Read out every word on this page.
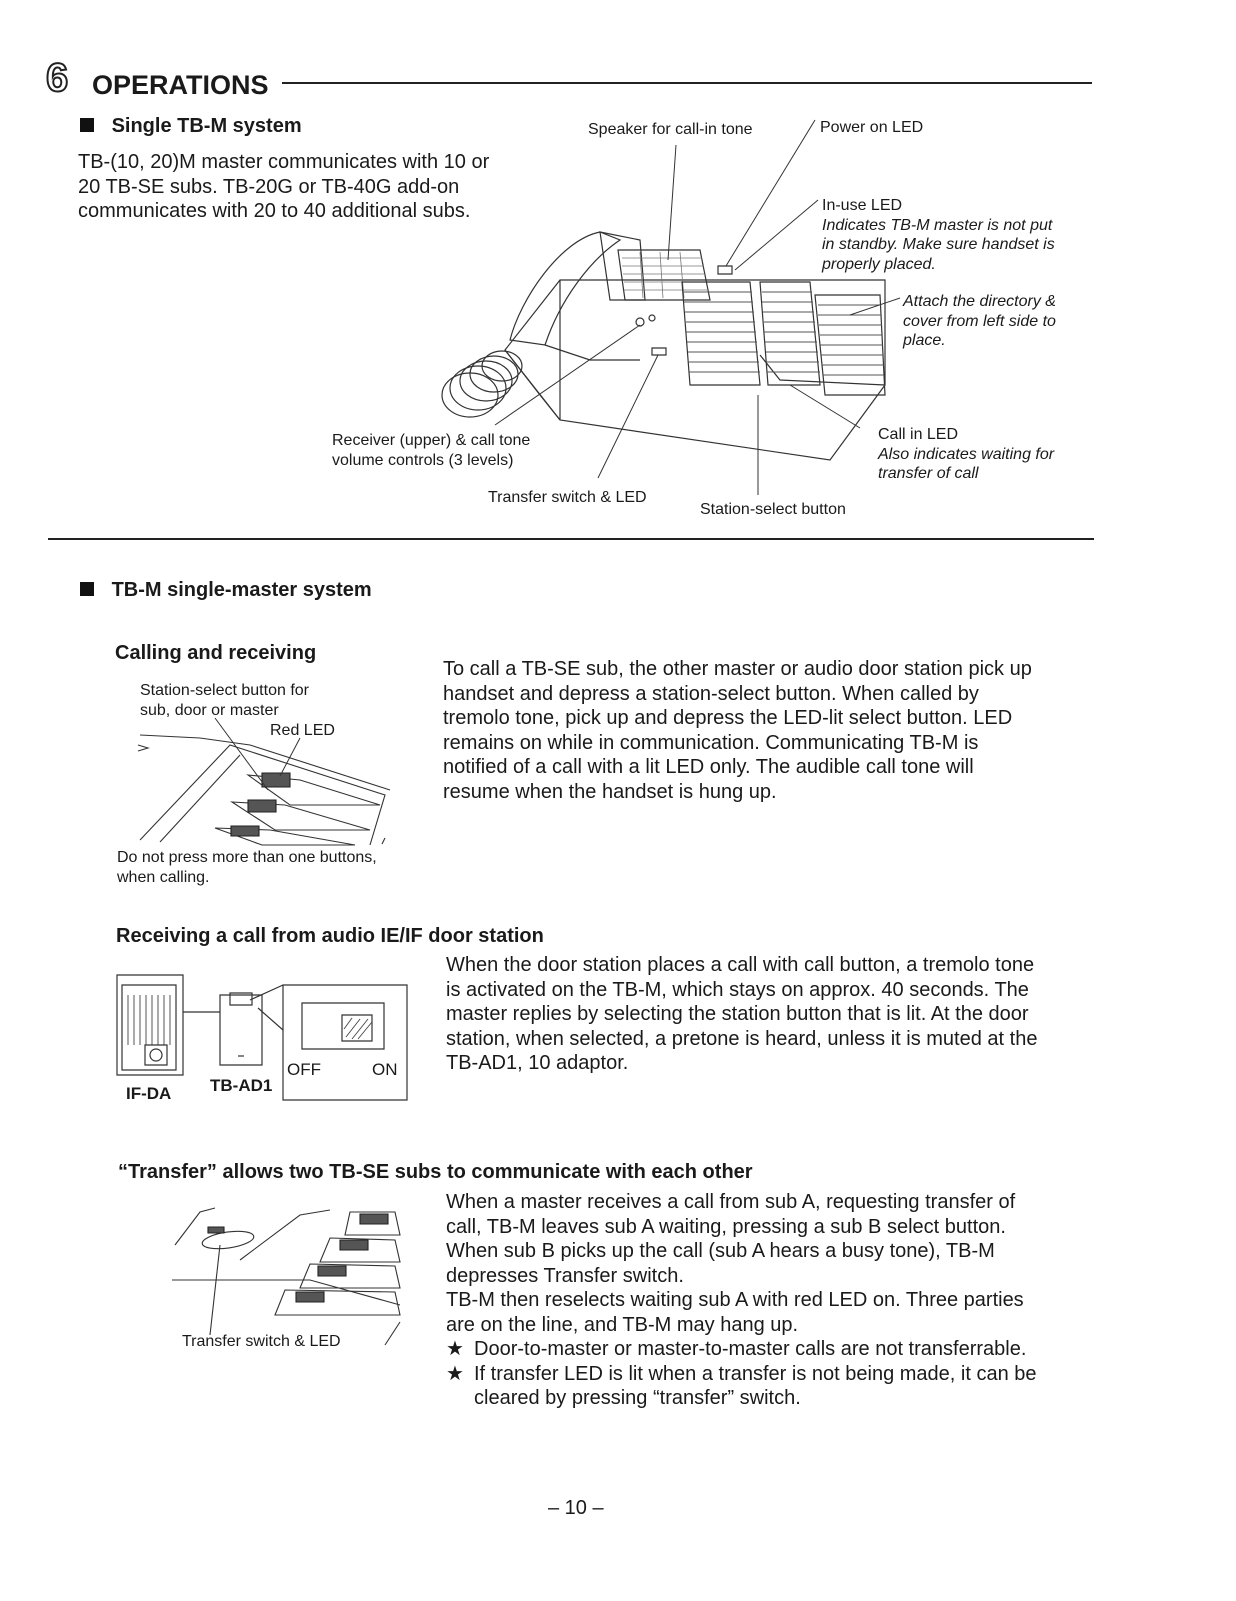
6 OPERATIONS
Single TB-M system
TB-(10, 20)M master communicates with 10 or
20 TB-SE subs. TB-20G or TB-40G add-on
communicates with 20 to 40 additional subs.
Speaker for call-in tone	Power on LED
In-use LED
Indicates TB-M master is not put
in standby. Make sure handset is
properly placed.
Attach the directory &
cover from left side to
place.
Receiver (upper) & call tone
volume controls (3 levels)
Call in LED
Also indicates waiting for
transfer of call
Transfer switch & LED
Station-select button
TB-M single-master system
Calling and receiving
Station-select button for
sub, door or master
Red LED
Do not press more than one buttons,
when calling.
To call a TB-SE sub, the other master or audio door station pick up
handset and depress a station-select button. When called by
tremolo tone, pick up and depress the LED-lit select button. LED
remains on while in communication. Communicating TB-M is
notified of a call with a lit LED only. The audible call tone will
resume when the handset is hung up.
Receiving a call from audio IE/IF door station
OFF	ON
IF-DA TB-AD1
When the door station places a call with call button, a tremolo tone
is activated on the TB-M, which stays on approx. 40 seconds. The
master replies by selecting the station button that is lit. At the door
station, when selected, a pretone is heard, unless it is muted at the
TB-AD1, 10 adaptor.
“Transfer” allows two TB-SE subs to communicate with each other
Transfer switch & LED
When a master receives a call from sub A, requesting transfer of
call, TB-M leaves sub A waiting, pressing a sub B select button.
When sub B picks up the call (sub A hears a busy tone), TB-M
depresses Transfer switch.
TB-M then reselects waiting sub A with red LED on. Three parties
are on the line, and TB-M may hang up.
★ Door-to-master or master-to-master calls are not transferrable.
★ If transfer LED is lit when a transfer is not being made, it can be
cleared by pressing “transfer” switch.
– 10 –
